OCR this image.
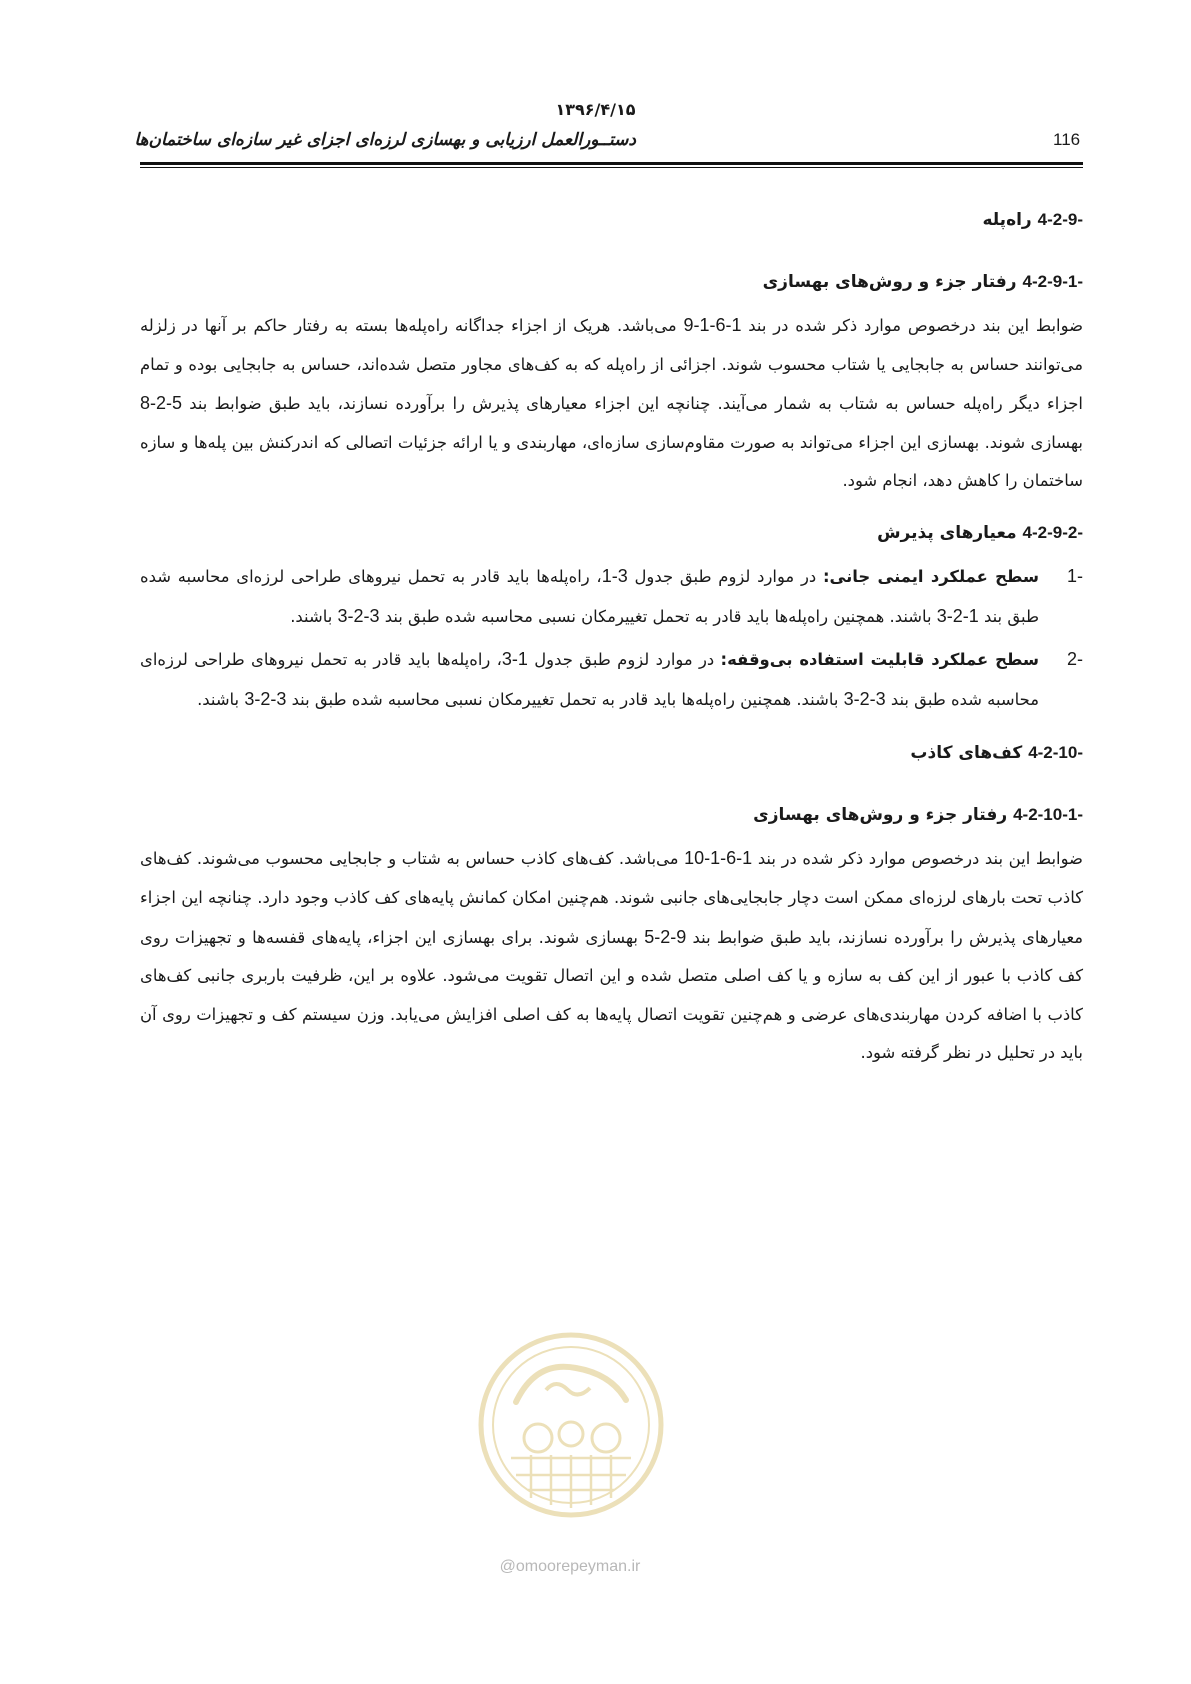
۱۳۹۶/۴/۱۵
دستــورالعمل ارزیابی و بهسازی لرزه‌ای اجزای غیر سازه‌ای ساختمان‌ها	116

4-2-9- راه‌پله

4-2-9-1- رفتار جزء و روش‌های بهسازی

ضوابط این بند درخصوص موارد ذکر شده در بند 9-1-6-1 می‌باشد. هریک از اجزاء جداگانه راه‌پله‌ها بسته به رفتار حاکم بر آنها در زلزله می‌توانند حساس به جابجایی یا شتاب محسوب شوند. اجزائی از راه‌پله که به کف‌های مجاور متصل شده‌اند، حساس به جابجایی بوده و تمام اجزاء دیگر راه‌پله حساس به شتاب به شمار می‌آیند. چنانچه این اجزاء معیارهای پذیرش را برآورده نسازند، باید طبق ضوابط بند 8-2-5 بهسازی شوند. بهسازی این اجزاء می‌تواند به صورت مقاوم‌سازی سازه‌ای، مهاربندی و یا ارائه جزئیات اتصالی که اندرکنش بین پله‌ها و سازه ساختمان را کاهش دهد، انجام شود.

4-2-9-2- معیارهای پذیرش

-1
سطح عملکرد ایمنی جانی: در موارد لزوم طبق جدول 1-3، راه‌پله‌ها باید قادر به تحمل نیروهای طراحی لرزه‌ای محاسبه شده طبق بند 3-2-1 باشند. همچنین راه‌پله‌ها باید قادر به تحمل تغییرمکان نسبی محاسبه شده طبق بند 3-2-3 باشند.

-2
سطح عملکرد قابلیت استفاده بی‌وقفه: در موارد لزوم طبق جدول 3-1، راه‌پله‌ها باید قادر به تحمل نیروهای طراحی لرزه‌ای محاسبه شده طبق بند 3-2-3 باشند. همچنین راه‌پله‌ها باید قادر به تحمل تغییرمکان نسبی محاسبه شده طبق بند 3-2-3 باشند.

4-2-10- کف‌های کاذب

4-2-10-1- رفتار جزء و روش‌های بهسازی

ضوابط این بند درخصوص موارد ذکر شده در بند 10-1-6-1 می‌باشد. کف‌های کاذب حساس به شتاب و جابجایی محسوب می‌شوند. کف‌های کاذب تحت بارهای لرزه‌ای ممکن است دچار جابجایی‌های جانبی شوند. هم‌چنین امکان کمانش پایه‌های کف کاذب وجود دارد. چنانچه این اجزاء معیارهای پذیرش را برآورده نسازند، باید طبق ضوابط بند 5-2-9 بهسازی شوند. برای بهسازی این اجزاء، پایه‌های قفسه‌ها و تجهیزات روی کف کاذب با عبور از این کف به سازه و یا کف اصلی متصل شده و این اتصال تقویت می‌شود. علاوه بر این، ظرفیت باربری جانبی کف‌های کاذب با اضافه کردن مهاربندی‌های عرضی و هم‌چنین تقویت اتصال پایه‌ها به کف اصلی افزایش می‌یابد. وزن سیستم کف و تجهیزات روی آن باید در تحلیل در نظر گرفته شود.

@omoorepeyman.ir
